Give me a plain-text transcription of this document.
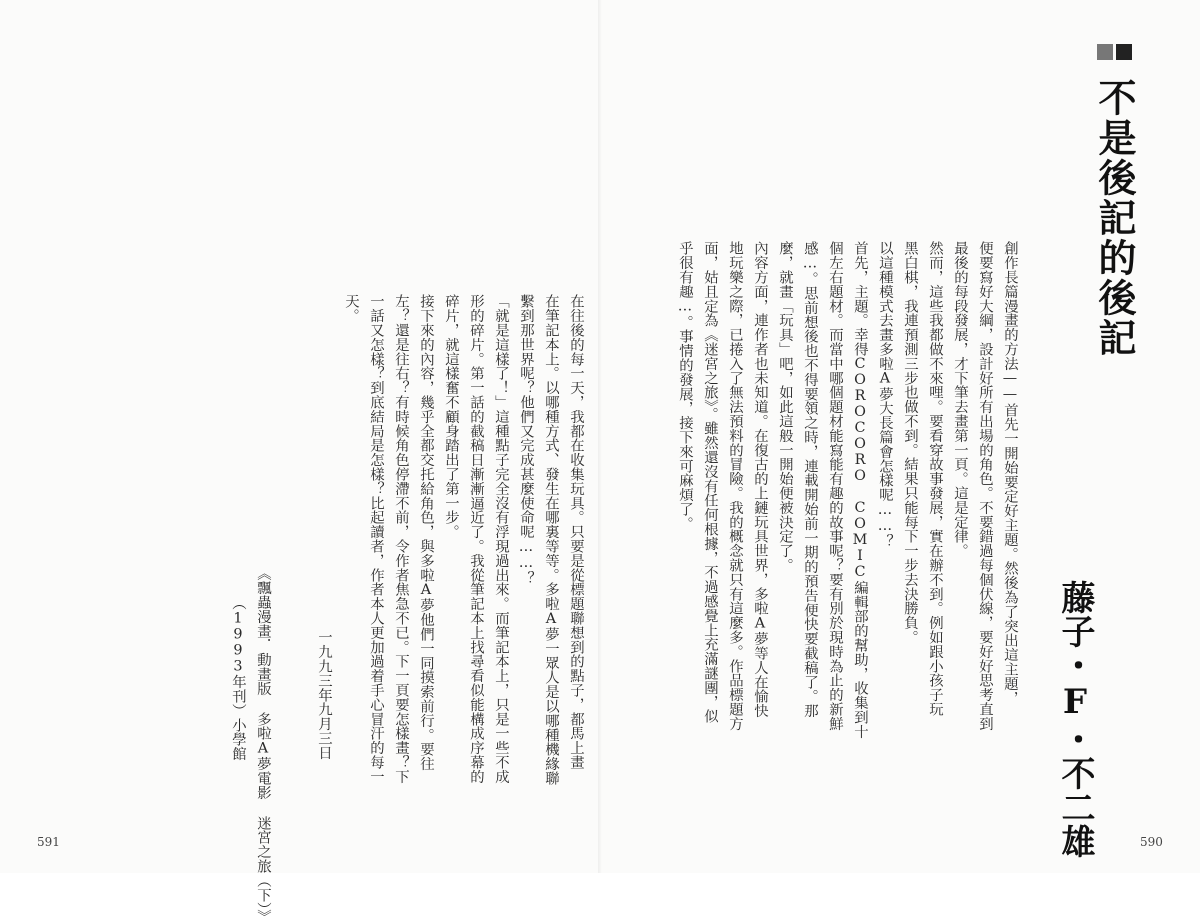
不是後記的後記
藤子・F・不二雄
創作長篇漫畫的方法——首先一開始要定好主題。然後為了突出這主題，
便要寫好大綱，設計好所有出場的角色。不要錯過每個伏線，要好好思考直到
最後的每段發展，才下筆去畫第一頁。這是定律。
然而，這些我都做不來哩。要看穿故事發展，實在辦不到。例如跟小孩子玩
黑白棋，我連預測三步也做不到。結果只能每下一步去決勝負。
以這種模式去畫多啦A夢大長篇會怎樣呢……？
首先，主題。幸得COROCORO COMIC編輯部的幫助，收集到十
個左右題材。而當中哪個題材能寫能有趣的故事呢？要有別於現時為止的新鮮
感…。思前想後也不得要領之時，連載開始前一期的預告便快要截稿了。那
麼，就畫「玩具」吧，如此這般一開始便被決定了。
內容方面，連作者也未知道。在復古的上鏈玩具世界，多啦A夢等人在愉快
地玩樂之際，已捲入了無法預料的冒險。我的概念就只有這麼多。作品標題方
面，姑且定為《迷宮之旅》。雖然還沒有任何根據，不過感覺上充滿謎團，似
乎很有趣…。事情的發展，接下來可麻煩了。
在往後的每一天，我都在收集玩具。只要是從標題聯想到的點子，都馬上畫
在筆記本上。以哪種方式、發生在哪裏等等。多啦A夢一眾人是以哪種機緣聯
繫到那世界呢？他們又完成甚麼使命呢……？
「就是這樣了！」這種點子完全沒有浮現過出來。而筆記本上，只是一些不成
形的碎片。第一話的截稿日漸漸逼近了。我從筆記本上找尋看似能構成序幕的
碎片，就這樣奮不顧身踏出了第一步。
接下來的內容，幾乎全都交托給角色，與多啦A夢他們一同摸索前行。要往
左？還是往右？有時候角色停滯不前，令作者焦急不已。下一頁要怎樣畫？下
一話又怎樣？到底結局是怎樣？比起讀者，作者本人更加過着手心冒汗的每一
天。
一九九三年九月三日
《飄蟲漫畫．動畫版 多啦A夢電影 迷宮之旅（下）》
（1993年刊）小學館
591	590
